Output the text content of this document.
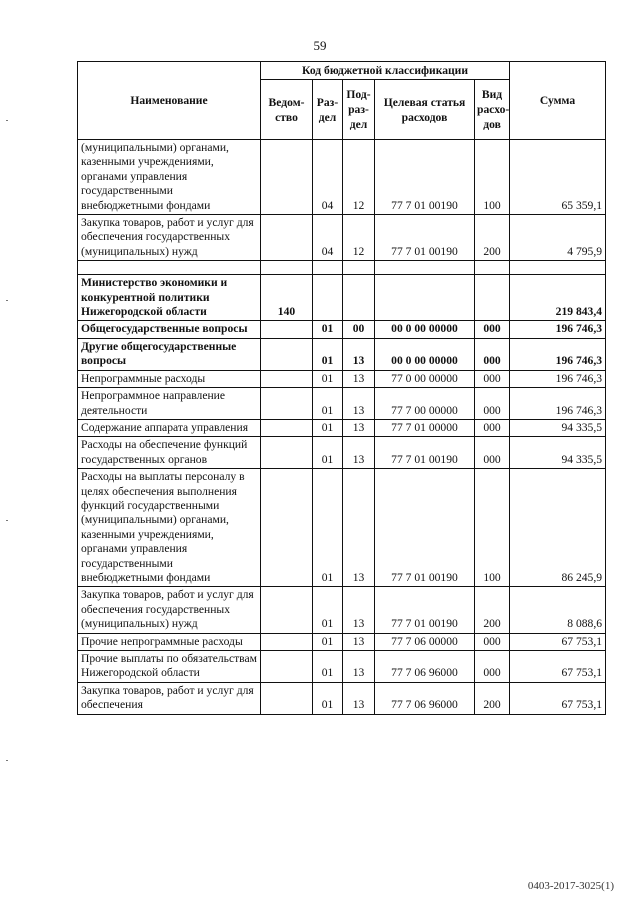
59
Наименование	Код бюджетной классификации					Сумма
	Ведом-ство	Раз-дел	Под-раз-дел	Целевая статья расходов	Вид расхо-дов	
(муниципальными) органами, казенными учреждениями, органами управления государственными внебюджетными фондами		04	12	77 7 01 00190	100	65 359,1
Закупка товаров, работ и услуг для обеспечения государственных (муниципальных) нужд		04	12	77 7 01 00190	200	4 795,9

Министерство экономики и конкурентной политики Нижегородской области	140					219 843,4
Общегосударственные вопросы		01	00	00 0 00 00000	000	196 746,3
Другие общегосударственные вопросы		01	13	00 0 00 00000	000	196 746,3
Непрограммные расходы		01	13	77 0 00 00000	000	196 746,3
Непрограммное направление деятельности		01	13	77 7 00 00000	000	196 746,3
Содержание аппарата управления		01	13	77 7 01 00000	000	94 335,5
Расходы на обеспечение функций государственных органов		01	13	77 7 01 00190	000	94 335,5
Расходы на выплаты персоналу в целях обеспечения выполнения функций государственными (муниципальными) органами, казенными учреждениями, органами управления государственными внебюджетными фондами		01	13	77 7 01 00190	100	86 245,9
Закупка товаров, работ и услуг для обеспечения государственных (муниципальных) нужд		01	13	77 7 01 00190	200	8 088,6
Прочие непрограммные расходы		01	13	77 7 06 00000	000	67 753,1
Прочие выплаты по обязательствам Нижегородской области		01	13	77 7 06 96000	000	67 753,1
Закупка товаров, работ и услуг для обеспечения		01	13	77 7 06 96000	200	67 753,1
0403-2017-3025(1)
